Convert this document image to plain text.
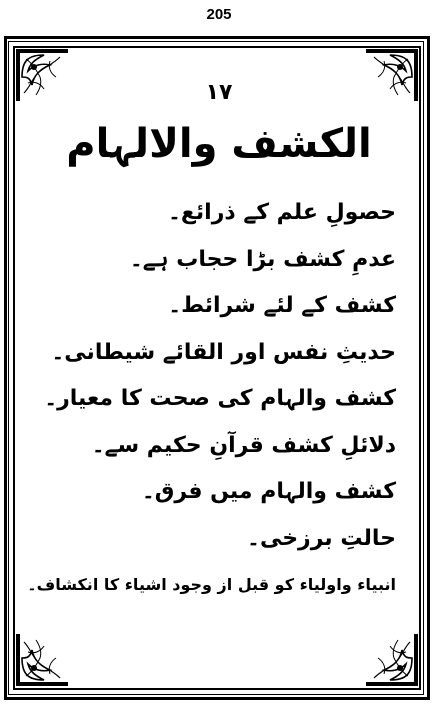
205
۱۷
الکشف والالہام
حصولِ علم کے ذرائع۔
عدمِ کشف بڑا حجاب ہے۔
کشف کے لئے شرائط۔
حدیثِ نفس اور القائے شیطانی۔
کشف والہام کی صحت کا معیار۔
دلائلِ کشف قرآنِ حکیم سے۔
کشف والہام میں فرق۔
حالتِ برزخی۔
انبیاء واولیاء کو قبل از وجود اشیاء کا انکشاف۔
